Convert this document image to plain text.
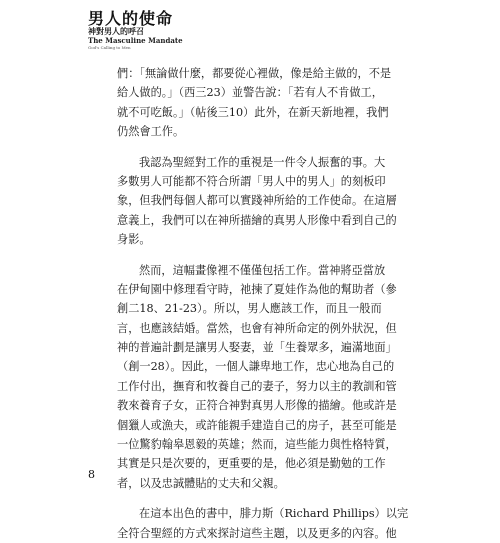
男人的使命
神對男人的呼召
The Masculine Mandate
God's Calling to Men
們：「無論做什麼，都要從心裡做，像是給主做的，不是
給人做的。」（西三23）並警告說：「若有人不肯做工，
就不可吃飯。」（帖後三10）此外，在新天新地裡，我們
仍然會工作。
我認為聖經對工作的重視是一件令人振奮的事。大
多數男人可能都不符合所謂「男人中的男人」的刻板印
象，但我們每個人都可以實踐神所給的工作使命。在這層
意義上，我們可以在神所描繪的真男人形像中看到自己的
身影。
然而，這幅畫像裡不僅僅包括工作。當神將亞當放
在伊甸園中修理看守時，祂揀了夏娃作為他的幫助者（參
創二18、21-23）。所以，男人應該工作，而且一般而
言，也應該結婚。當然，也會有神所命定的例外狀況，但
神的普遍計劃是讓男人娶妻，並「生養眾多，遍滿地面」
（創一28）。因此，一個人謙卑地工作，忠心地為自己的
工作付出，撫育和牧養自己的妻子，努力以主的教訓和管
教來養育子女，正符合神對真男人形像的描繪。他或許是
個獵人或漁夫，或許能親手建造自己的房子，甚至可能是
一位驚豹翰皋恩毅的英雄；然而，這些能力與性格特質，
其實是只是次要的，更重要的是，他必須是勤勉的工作
者，以及忠誠體貼的丈夫和父親。
在這本出色的書中，腓力斯（Richard Phillips）以完
全符合聖經的方式來探討這些主題，以及更多的內容。他
8
